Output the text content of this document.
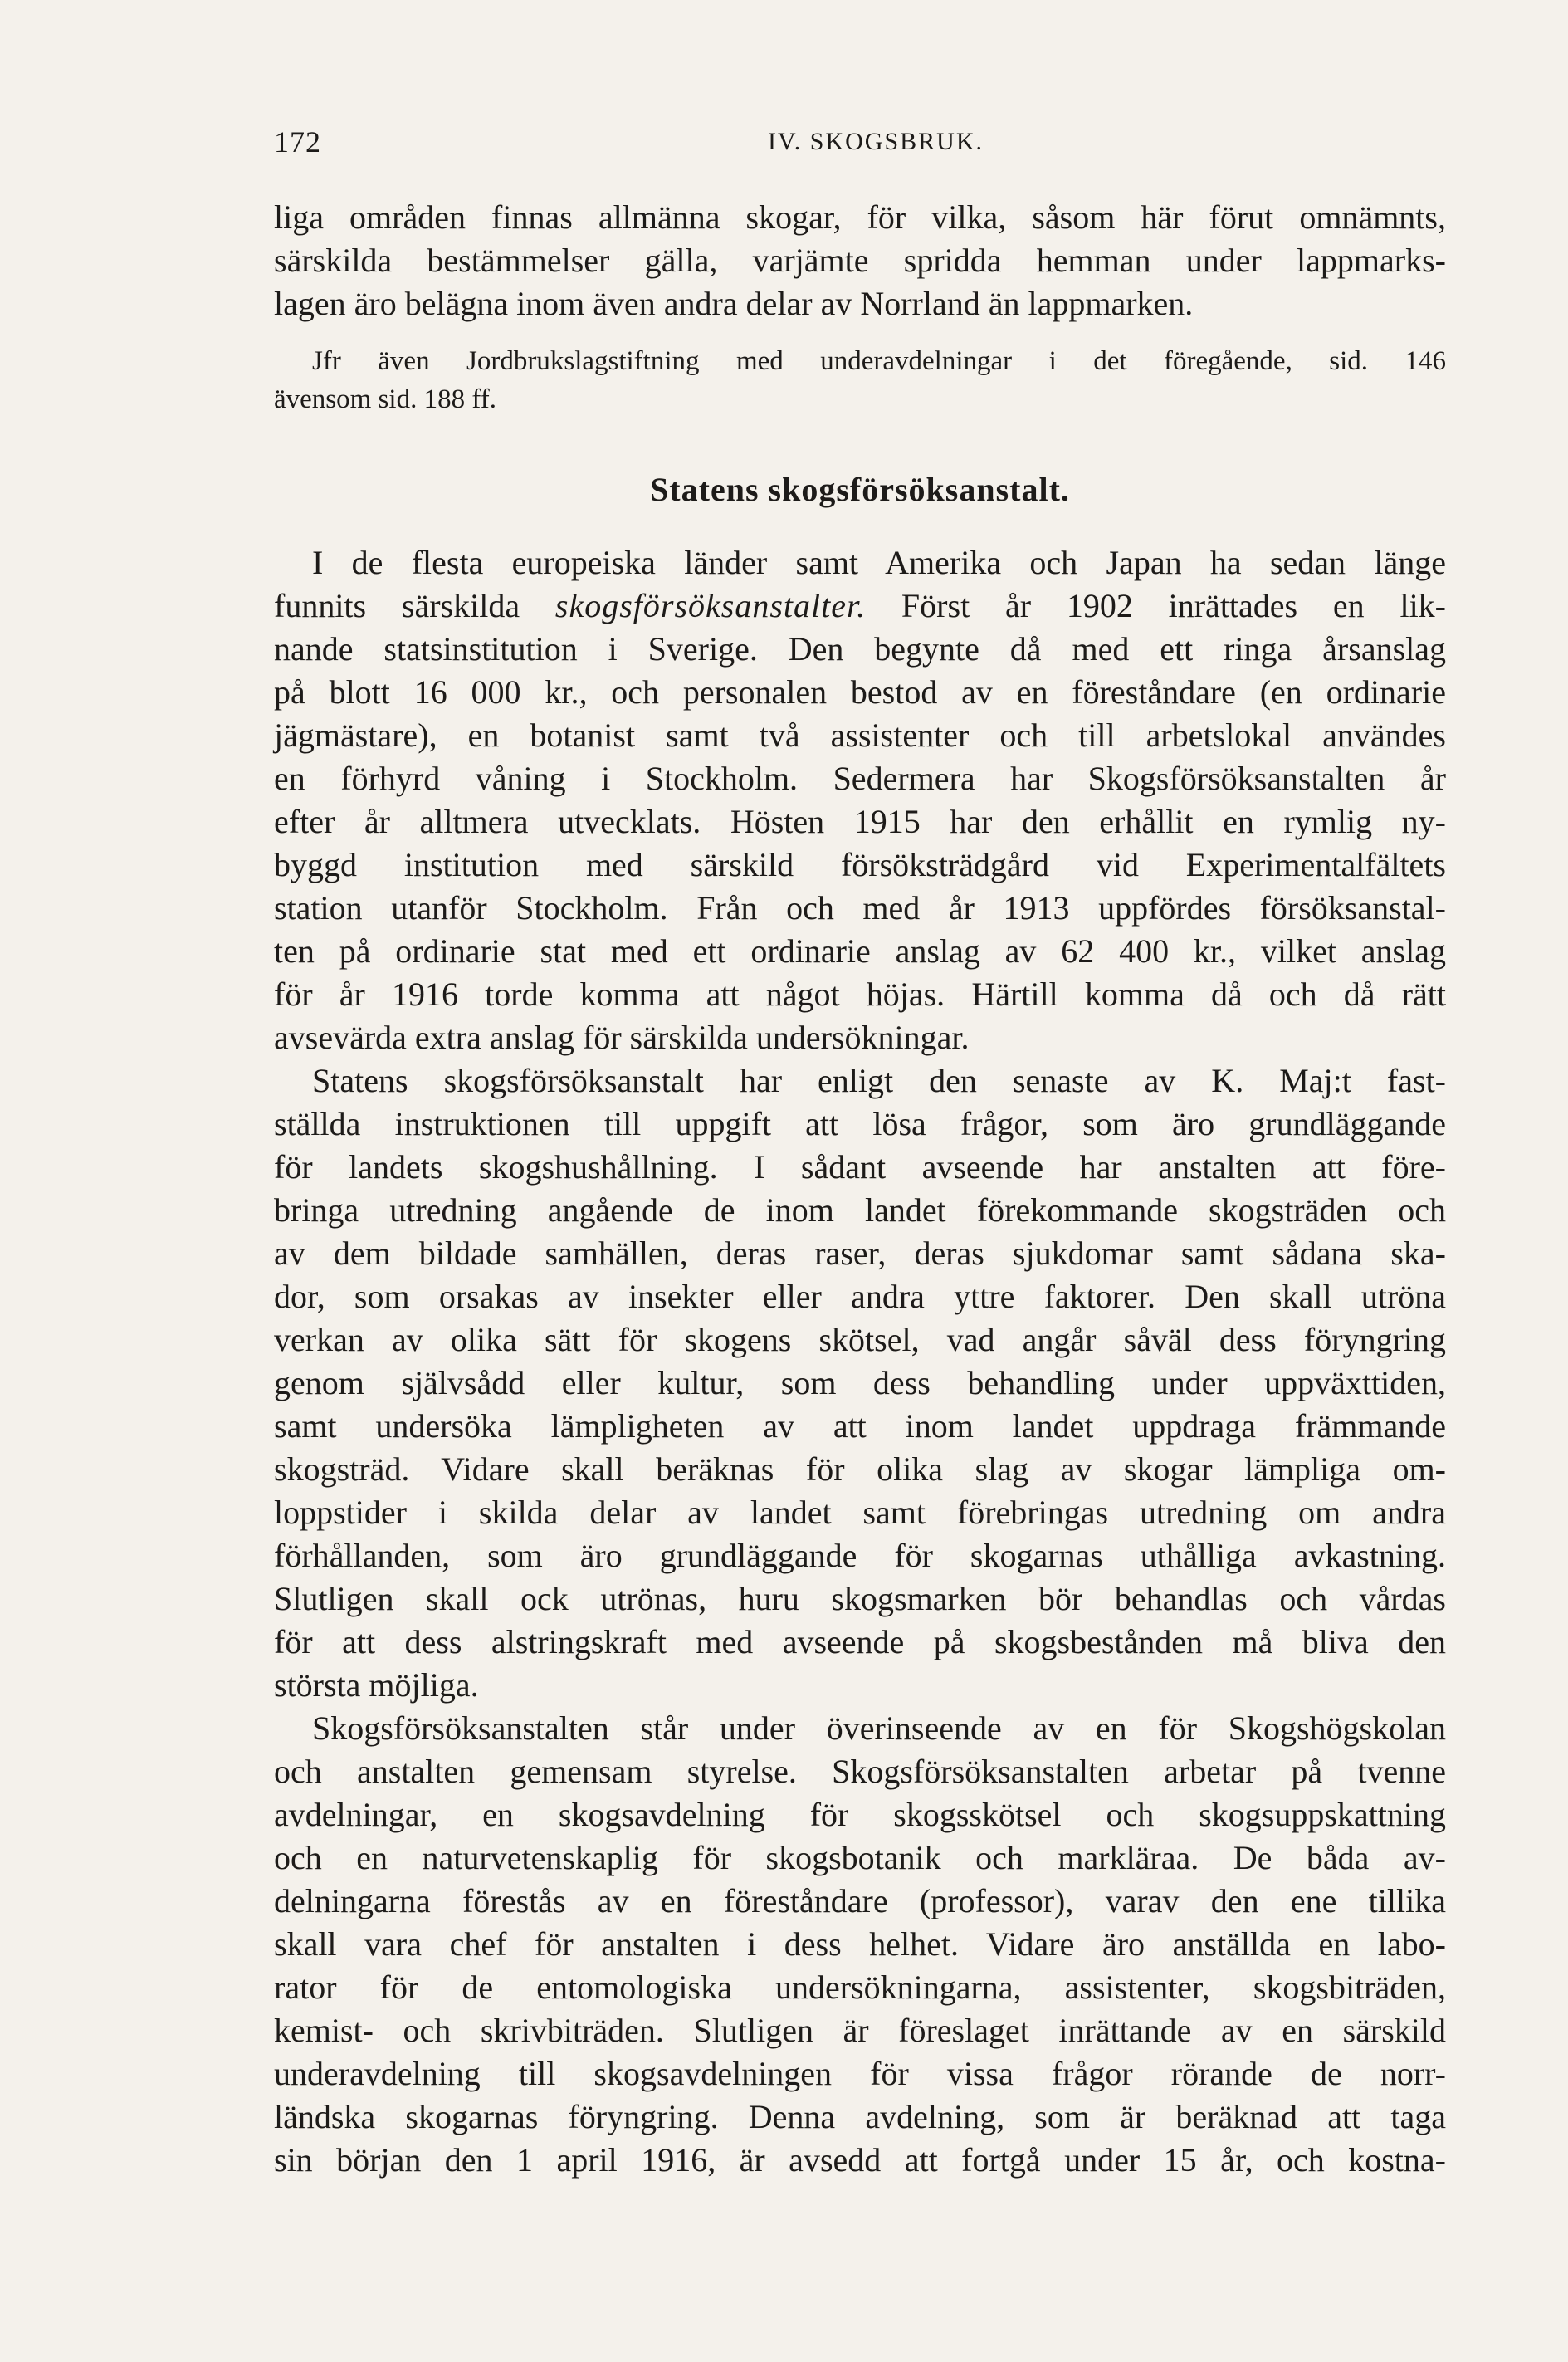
172	IV. SKOGSBRUK.
liga områden finnas allmänna skogar, för vilka, såsom här förut omnämnts,
särskilda bestämmelser gälla, varjämte spridda hemman under lappmarks-
lagen äro belägna inom även andra delar av Norrland än lappmarken.
Jfr även Jordbrukslagstiftning med underavdelningar i det föregående, sid. 146
ävensom sid. 188 ff.
Statens skogsförsöksanstalt.
I de flesta europeiska länder samt Amerika och Japan ha sedan länge
funnits särskilda skogsförsöksanstalter. Först år 1902 inrättades en lik-
nande statsinstitution i Sverige. Den begynte då med ett ringa årsanslag
på blott 16 000 kr., och personalen bestod av en föreståndare (en ordinarie
jägmästare), en botanist samt två assistenter och till arbetslokal användes
en förhyrd våning i Stockholm. Sedermera har Skogsförsöksanstalten år
efter år alltmera utvecklats. Hösten 1915 har den erhållit en rymlig ny-
byggd institution med särskild försöksträdgård vid Experimentalfältets
station utanför Stockholm. Från och med år 1913 uppfördes försöksanstal-
ten på ordinarie stat med ett ordinarie anslag av 62 400 kr., vilket anslag
för år 1916 torde komma att något höjas. Härtill komma då och då rätt
avsevärda extra anslag för särskilda undersökningar.
Statens skogsförsöksanstalt har enligt den senaste av K. Maj:t fast-
ställda instruktionen till uppgift att lösa frågor, som äro grundläggande
för landets skogshushållning. I sådant avseende har anstalten att före-
bringa utredning angående de inom landet förekommande skogsträden och
av dem bildade samhällen, deras raser, deras sjukdomar samt sådana ska-
dor, som orsakas av insekter eller andra yttre faktorer. Den skall utröna
verkan av olika sätt för skogens skötsel, vad angår såväl dess föryngring
genom självsådd eller kultur, som dess behandling under uppväxttiden,
samt undersöka lämpligheten av att inom landet uppdraga främmande
skogsträd. Vidare skall beräknas för olika slag av skogar lämpliga om-
loppstider i skilda delar av landet samt förebringas utredning om andra
förhållanden, som äro grundläggande för skogarnas uthålliga avkastning.
Slutligen skall ock utrönas, huru skogsmarken bör behandlas och vårdas
för att dess alstringskraft med avseende på skogsbestånden må bliva den
största möjliga.
Skogsförsöksanstalten står under överinseende av en för Skogshögskolan
och anstalten gemensam styrelse. Skogsförsöksanstalten arbetar på tvenne
avdelningar, en skogsavdelning för skogsskötsel och skogsuppskattning
och en naturvetenskaplig för skogsbotanik och markläraa. De båda av-
delningarna förestås av en föreståndare (professor), varav den ene tillika
skall vara chef för anstalten i dess helhet. Vidare äro anställda en labo-
rator för de entomologiska undersökningarna, assistenter, skogsbiträden,
kemist- och skrivbiträden. Slutligen är föreslaget inrättande av en särskild
underavdelning till skogsavdelningen för vissa frågor rörande de norr-
ländska skogarnas föryngring. Denna avdelning, som är beräknad att taga
sin början den 1 april 1916, är avsedd att fortgå under 15 år, och kostna-
